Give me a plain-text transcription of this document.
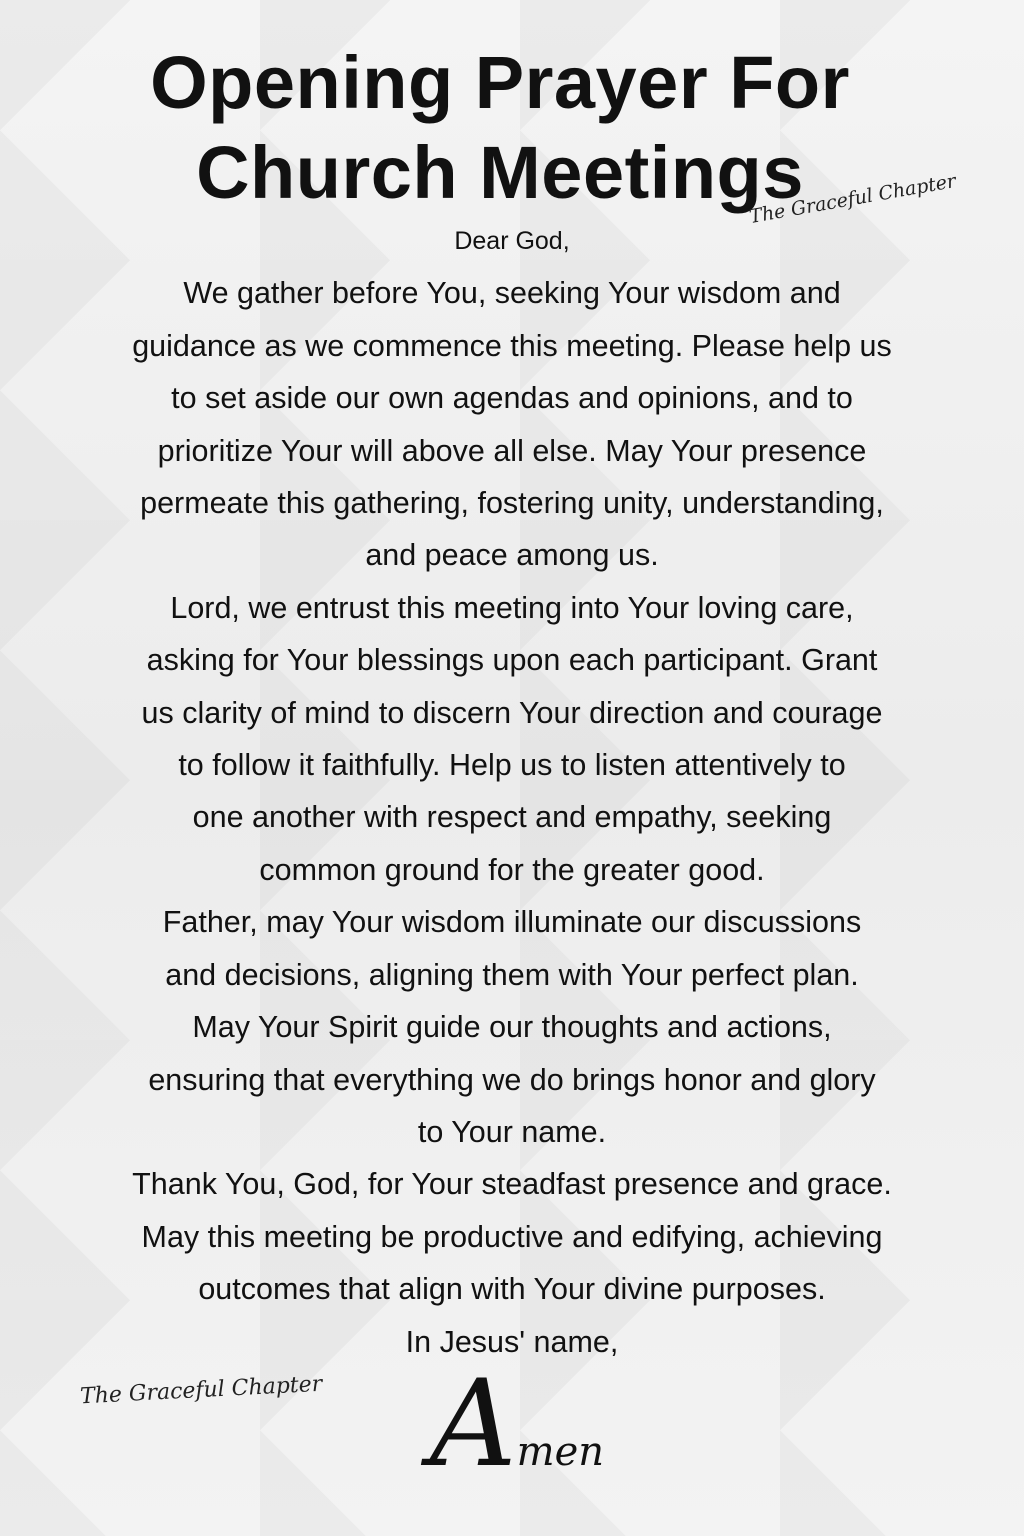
Opening Prayer For
Church Meetings
The Graceful Chapter
Dear God,
We gather before You, seeking Your wisdom and
guidance as we commence this meeting. Please help us
to set aside our own agendas and opinions, and to
prioritize Your will above all else. May Your presence
permeate this gathering, fostering unity, understanding,
and peace among us.
Lord, we entrust this meeting into Your loving care,
asking for Your blessings upon each participant. Grant
us clarity of mind to discern Your direction and courage
to follow it faithfully. Help us to listen attentively to
one another with respect and empathy, seeking
common ground for the greater good.
Father, may Your wisdom illuminate our discussions
and decisions, aligning them with Your perfect plan.
May Your Spirit guide our thoughts and actions,
ensuring that everything we do brings honor and glory
to Your name.
Thank You, God, for Your steadfast presence and grace.
May this meeting be productive and edifying, achieving
outcomes that align with Your divine purposes.
In Jesus' name,
The Graceful Chapter	Amen
